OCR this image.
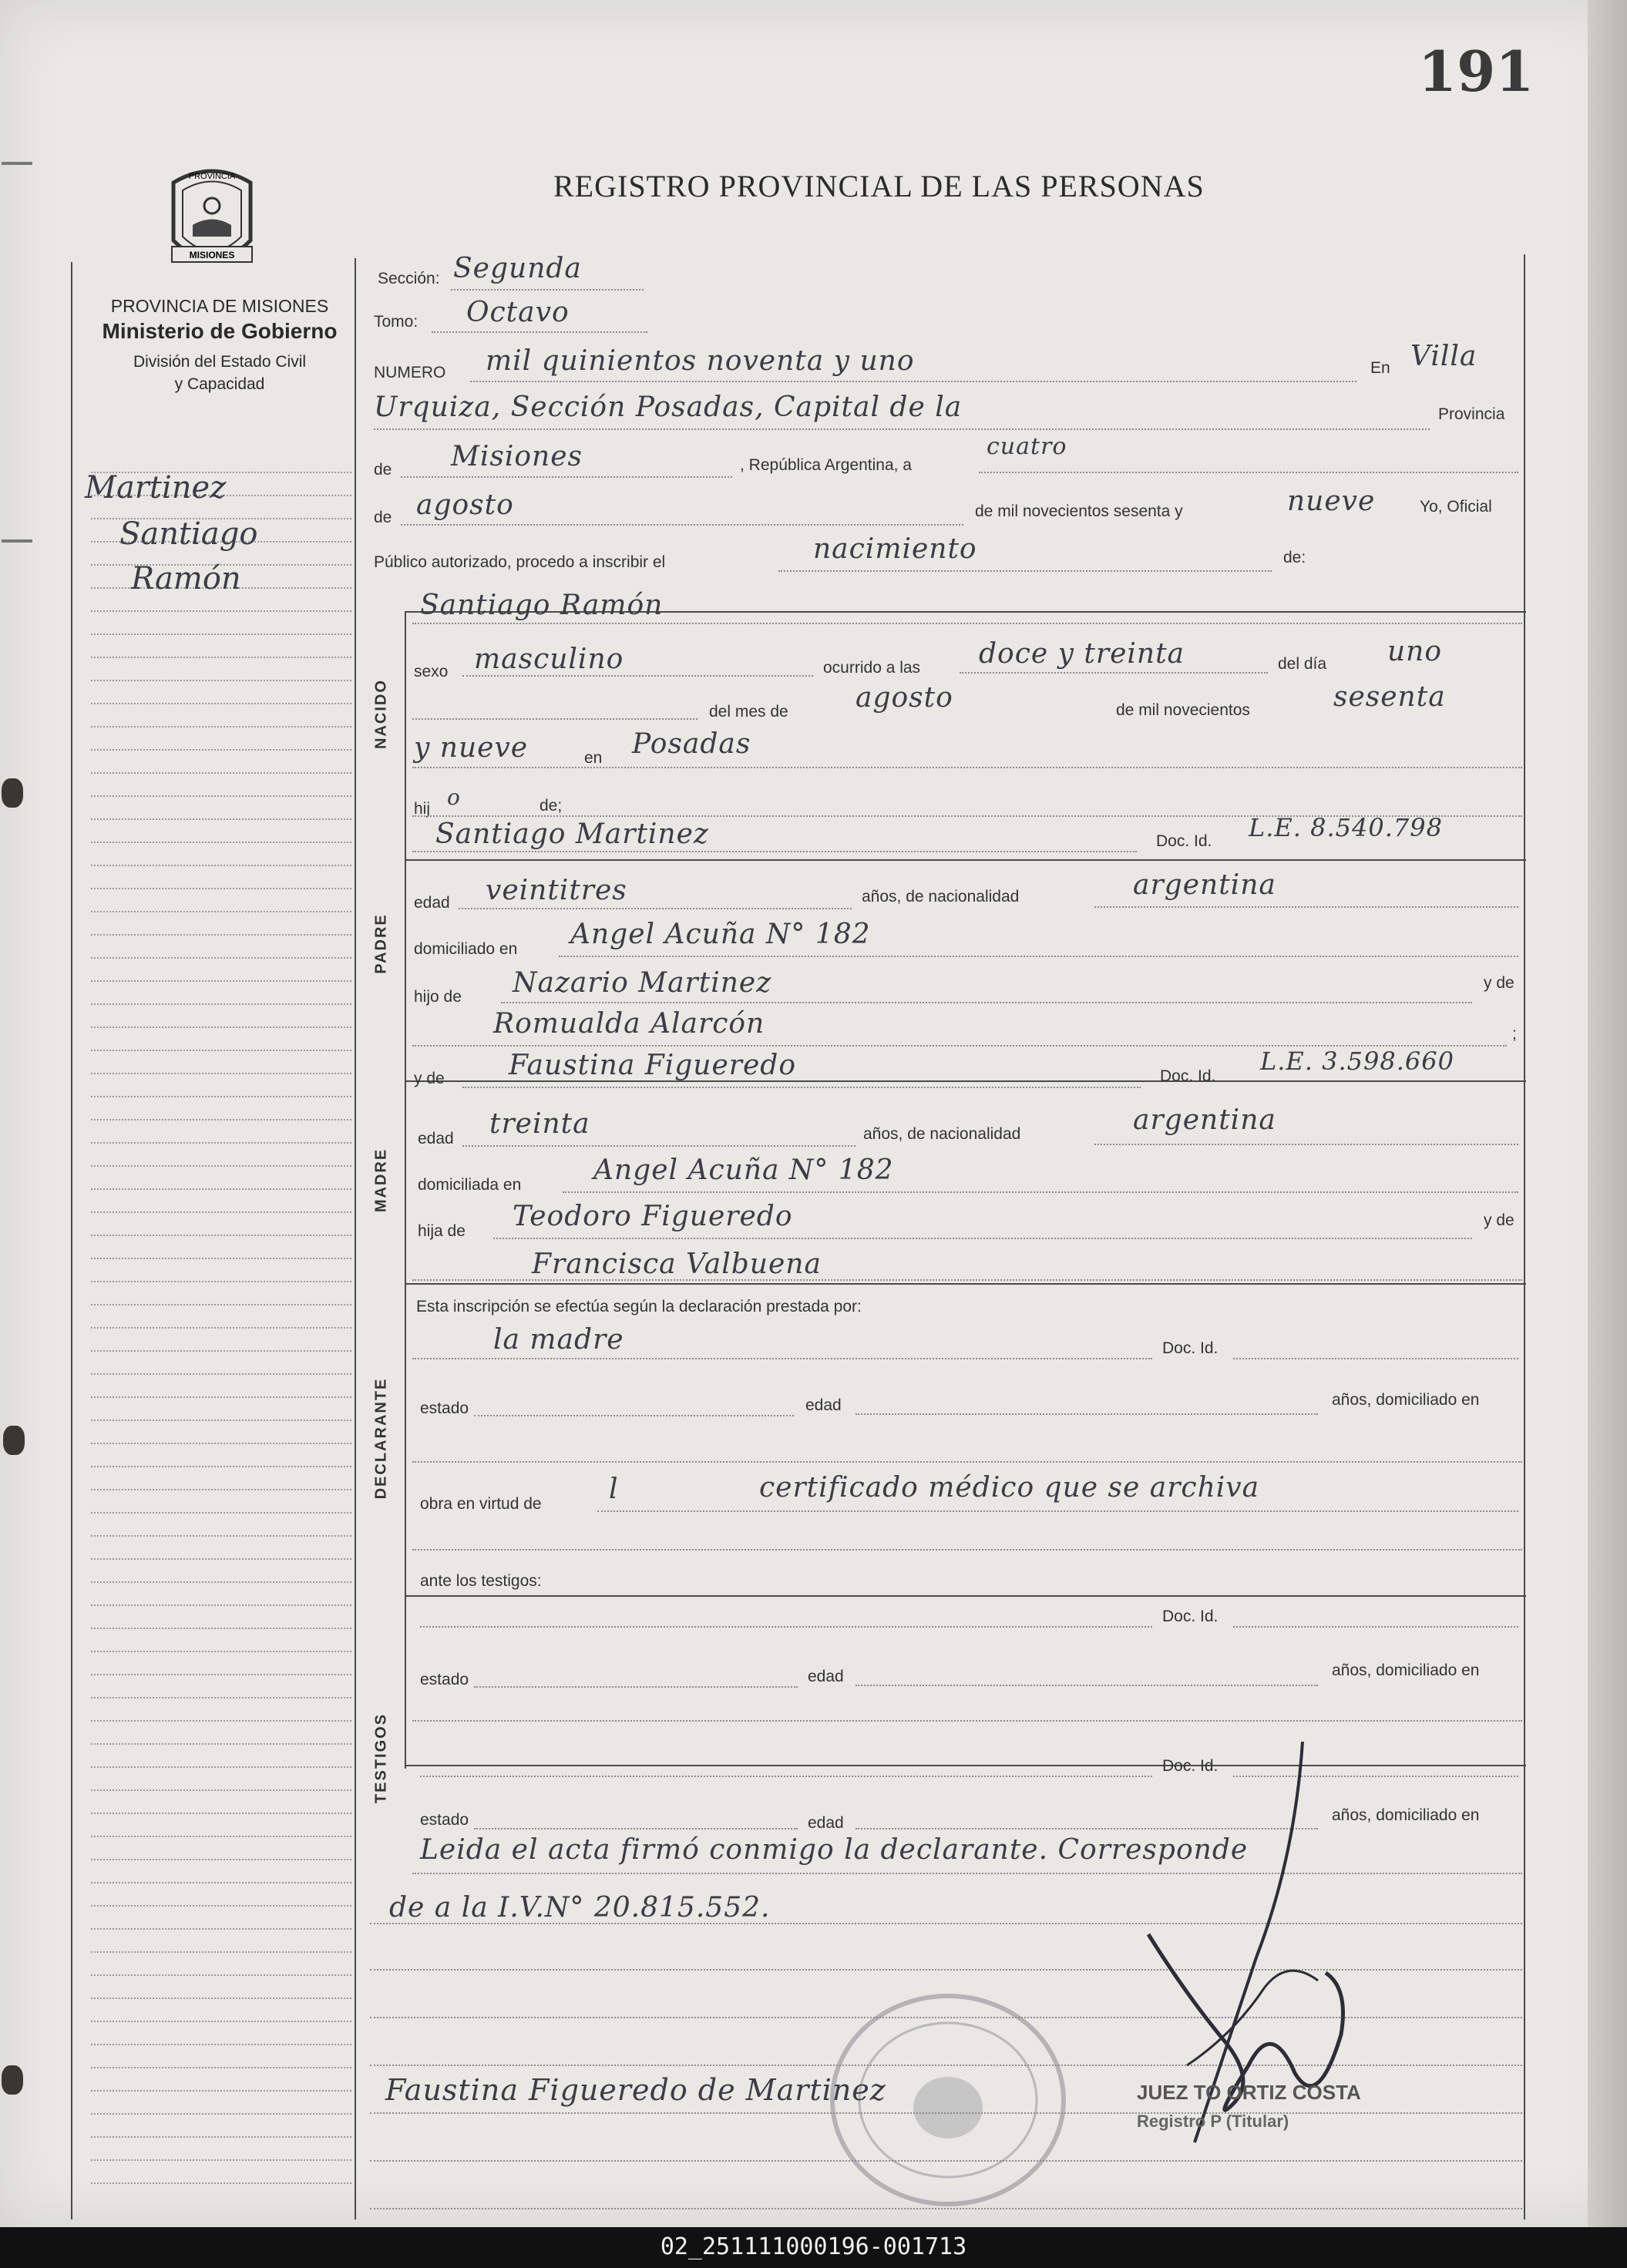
191
REGISTRO PROVINCIAL DE LAS PERSONAS
PROVINCIA
MISIONES
PROVINCIA DE MISIONES
Ministerio de Gobierno
División del Estado Civil
y Capacidad
Martinez
Santiago
Ramón
NACIDO
PADRE
MADRE
DECLARANTE
TESTIGOS
Sección: Segunda
Tomo: Octavo
NUMERO mil quinientos noventa y uno	En Villa
Urquiza, Sección Posadas, Capital de la	Provincia
de Misiones	, República Argentina, a
cuatro
de agosto	de mil novecientos sesenta y	nueve	Yo, Oficial
Público autorizado, procedo a inscribir el	nacimiento	de:
Santiago Ramón
sexo masculino	ocurrido a las doce y treinta	del día uno
del mes de agosto	de mil novecientos	sesenta
y nueve	en Posadas
hij o	de;
Santiago Martinez	Doc. Id. L.E. 8.540.798
edad veintitres	años, de nacionalidad	argentina
domiciliado en Angel Acuña N° 182
hijo de Nazario Martinez	y de
Romualda Alarcón	;
y de Faustina Figueredo	Doc. Id.
L.E. 3.598.660
edad treinta	años, de nacionalidad	argentina
domiciliada en	Angel Acuña N° 182
hija de Teodoro Figueredo	y de
Francisca Valbuena
Esta inscripción se efectúa según la declaración prestada por:
la madre	Doc. Id.
estado	edad	años, domiciliado en
obra en virtud de l	certificado médico que se archiva
ante los testigos:
Doc. Id.
estado	edad	años, domiciliado en
Doc. Id.
estado	edad	años, domiciliado en
Leida el acta firmó conmigo la declarante. Corresponde
de a la I.V.N° 20.815.552.
JUEZ TO ORTIZ COSTA
Registro P (Titular)
Faustina Figueredo de Martinez
02_251111000196-001713
